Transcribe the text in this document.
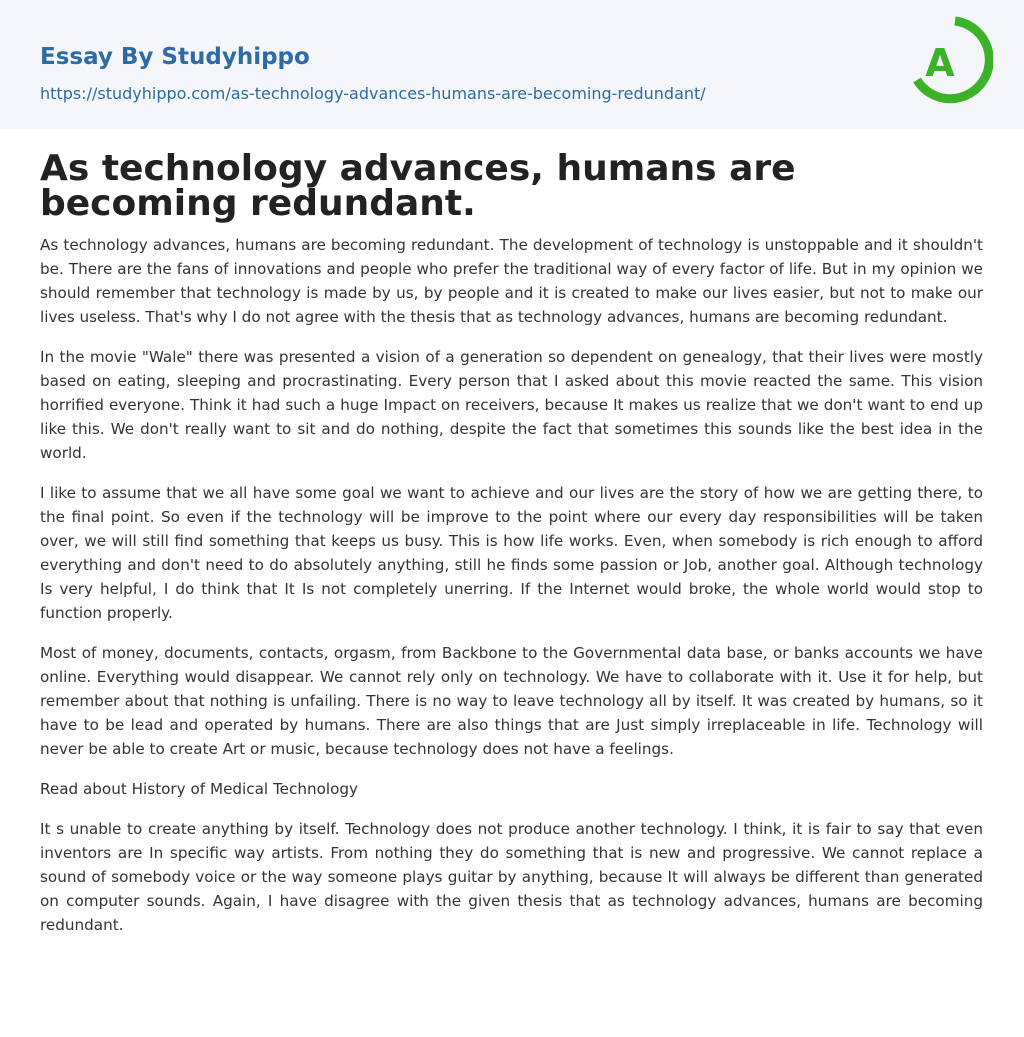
Essay By Studyhippo
https://studyhippo.com/as-technology-advances-humans-are-becoming-redundant/
A
As technology advances, humans are becoming redundant.

As technology advances, humans are becoming redundant. The development of technology is unstoppable and it shouldn't be. There are the fans of innovations and people who prefer the traditional way of every factor of life. But in my opinion we should remember that technology is made by us, by people and it is created to make our lives easier, but not to make our lives useless. That's why I do not agree with the thesis that as technology advances, humans are becoming redundant.

In the movie "Wale" there was presented a vision of a generation so dependent on genealogy, that their lives were mostly based on eating, sleeping and procrastinating. Every person that I asked about this movie reacted the same. This vision horrified everyone. Think it had such a huge Impact on receivers, because It makes us realize that we don't want to end up like this. We don't really want to sit and do nothing, despite the fact that sometimes this sounds like the best idea in the world.

I like to assume that we all have some goal we want to achieve and our lives are the story of how we are getting there, to the final point. So even if the technology will be improve to the point where our every day responsibilities will be taken over, we will still find something that keeps us busy. This is how life works. Even, when somebody is rich enough to afford everything and don't need to do absolutely anything, still he finds some passion or Job, another goal. Although technology Is very helpful, I do think that It Is not completely unerring. If the Internet would broke, the whole world would stop to function properly.

Most of money, documents, contacts, orgasm, from Backbone to the Governmental data base, or banks accounts we have online. Everything would disappear. We cannot rely only on technology. We have to collaborate with it. Use it for help, but remember about that nothing is unfailing. There is no way to leave technology all by itself. It was created by humans, so it have to be lead and operated by humans. There are also things that are Just simply irreplaceable in life. Technology will never be able to create Art or music, because technology does not have a feelings.

Read about History of Medical Technology

It s unable to create anything by itself. Technology does not produce another technology. I think, it is fair to say that even inventors are In specific way artists. From nothing they do something that is new and progressive. We cannot replace a sound of somebody voice or the way someone plays guitar by anything, because It will always be different than generated on computer sounds. Again, I have disagree with the given thesis that as technology advances, humans are becoming redundant.
